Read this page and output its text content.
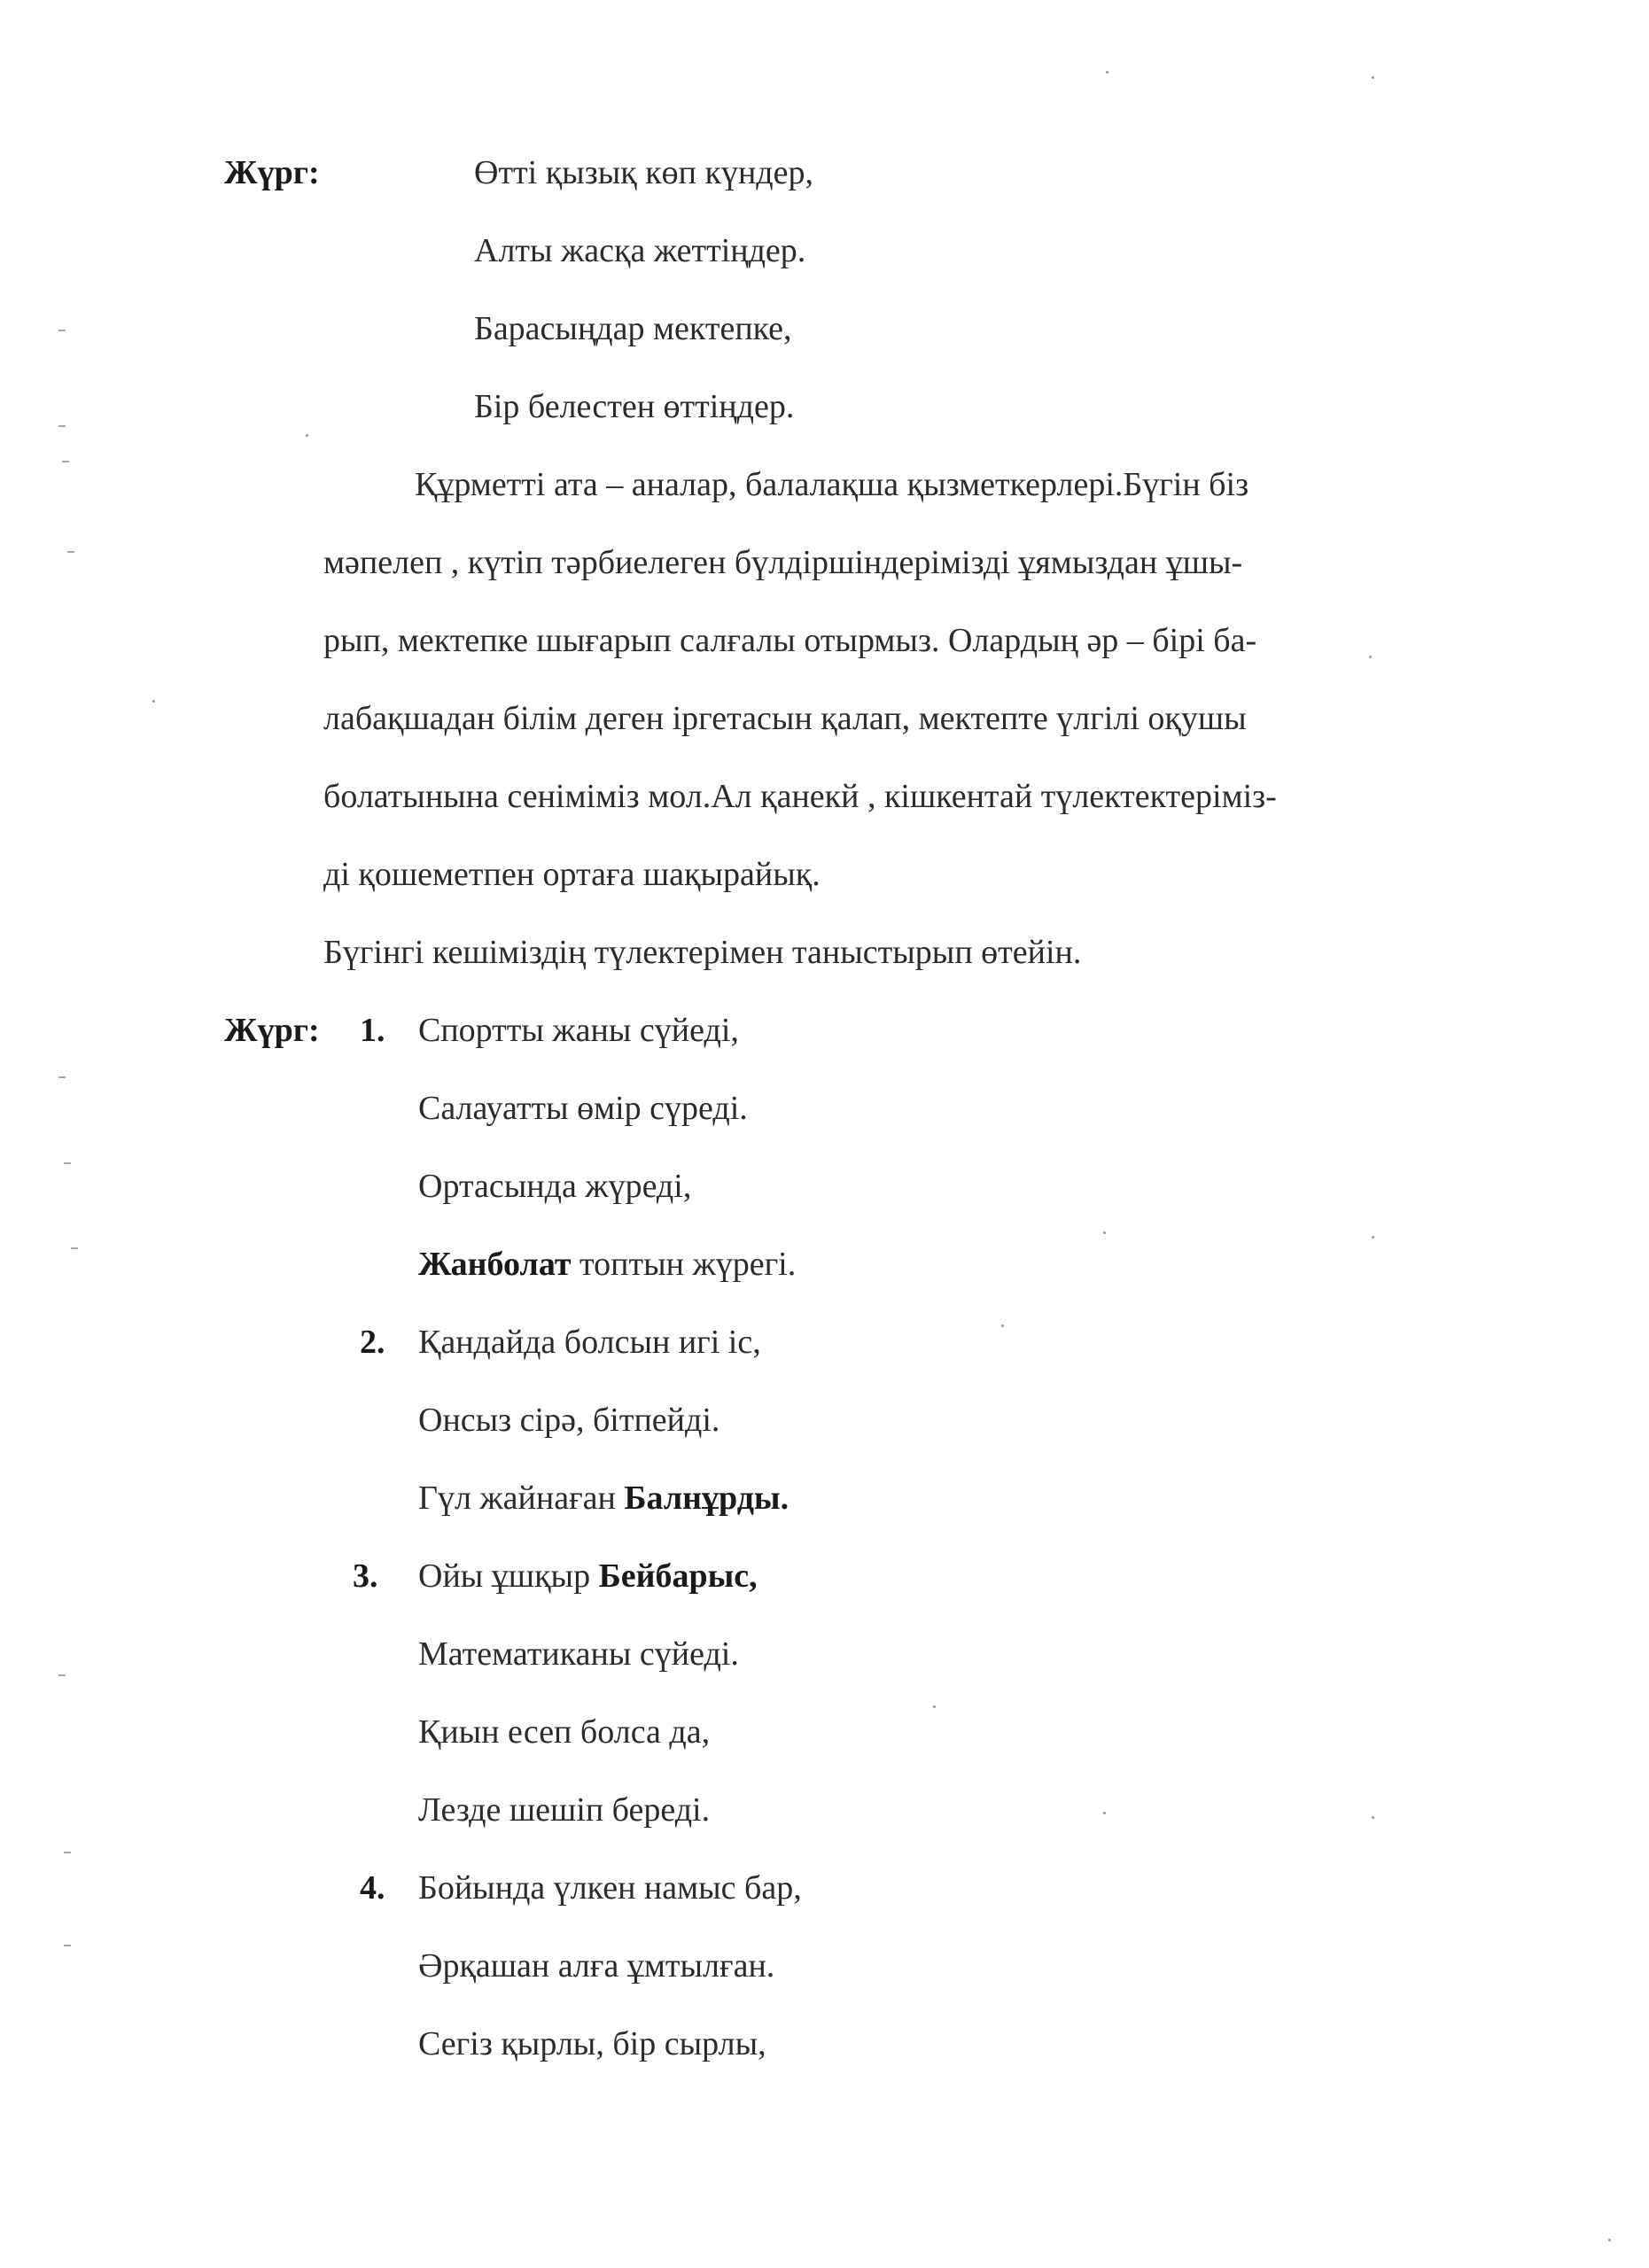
Жүрг:	Өтті қызық көп күндер,
Алты жасқа жеттіңдер.
Барасыңдар мектепке,
Бір белестен өттіңдер.
Құрметті ата – аналар, балалақша қызметкерлері.Бүгін біз
мәпелеп , күтіп тәрбиелеген бүлдіршіндерімізді ұямыздан ұшы-
рып, мектепке шығарып салғалы отырмыз. Олардың әр – бірі ба-
лабақшадан білім деген іргетасын қалап, мектепте үлгілі оқушы
болатынына сеніміміз мол.Ал қанекй , кішкентай түлектектеріміз-
ді қошеметпен ортаға шақырайық.
Бүгінгі кешіміздің түлектерімен таныстырып өтейін.
Жүрг: 1. Спортты жаны сүйеді,
Салауатты өмір сүреді.
Ортасында жүреді,
Жанболат топтын жүрегі.
2. Қандайда болсын игі іс,
Онсыз сірә, бітпейді.
Гүл жайнаған Балнұрды.
3. Ойы ұшқыр Бейбарыс,
Математиканы сүйеді.
Қиын есеп болса да,
Лезде шешіп береді.
4. Бойында үлкен намыс бар,
Әрқашан алға ұмтылған.
Сегіз қырлы, бір сырлы,
